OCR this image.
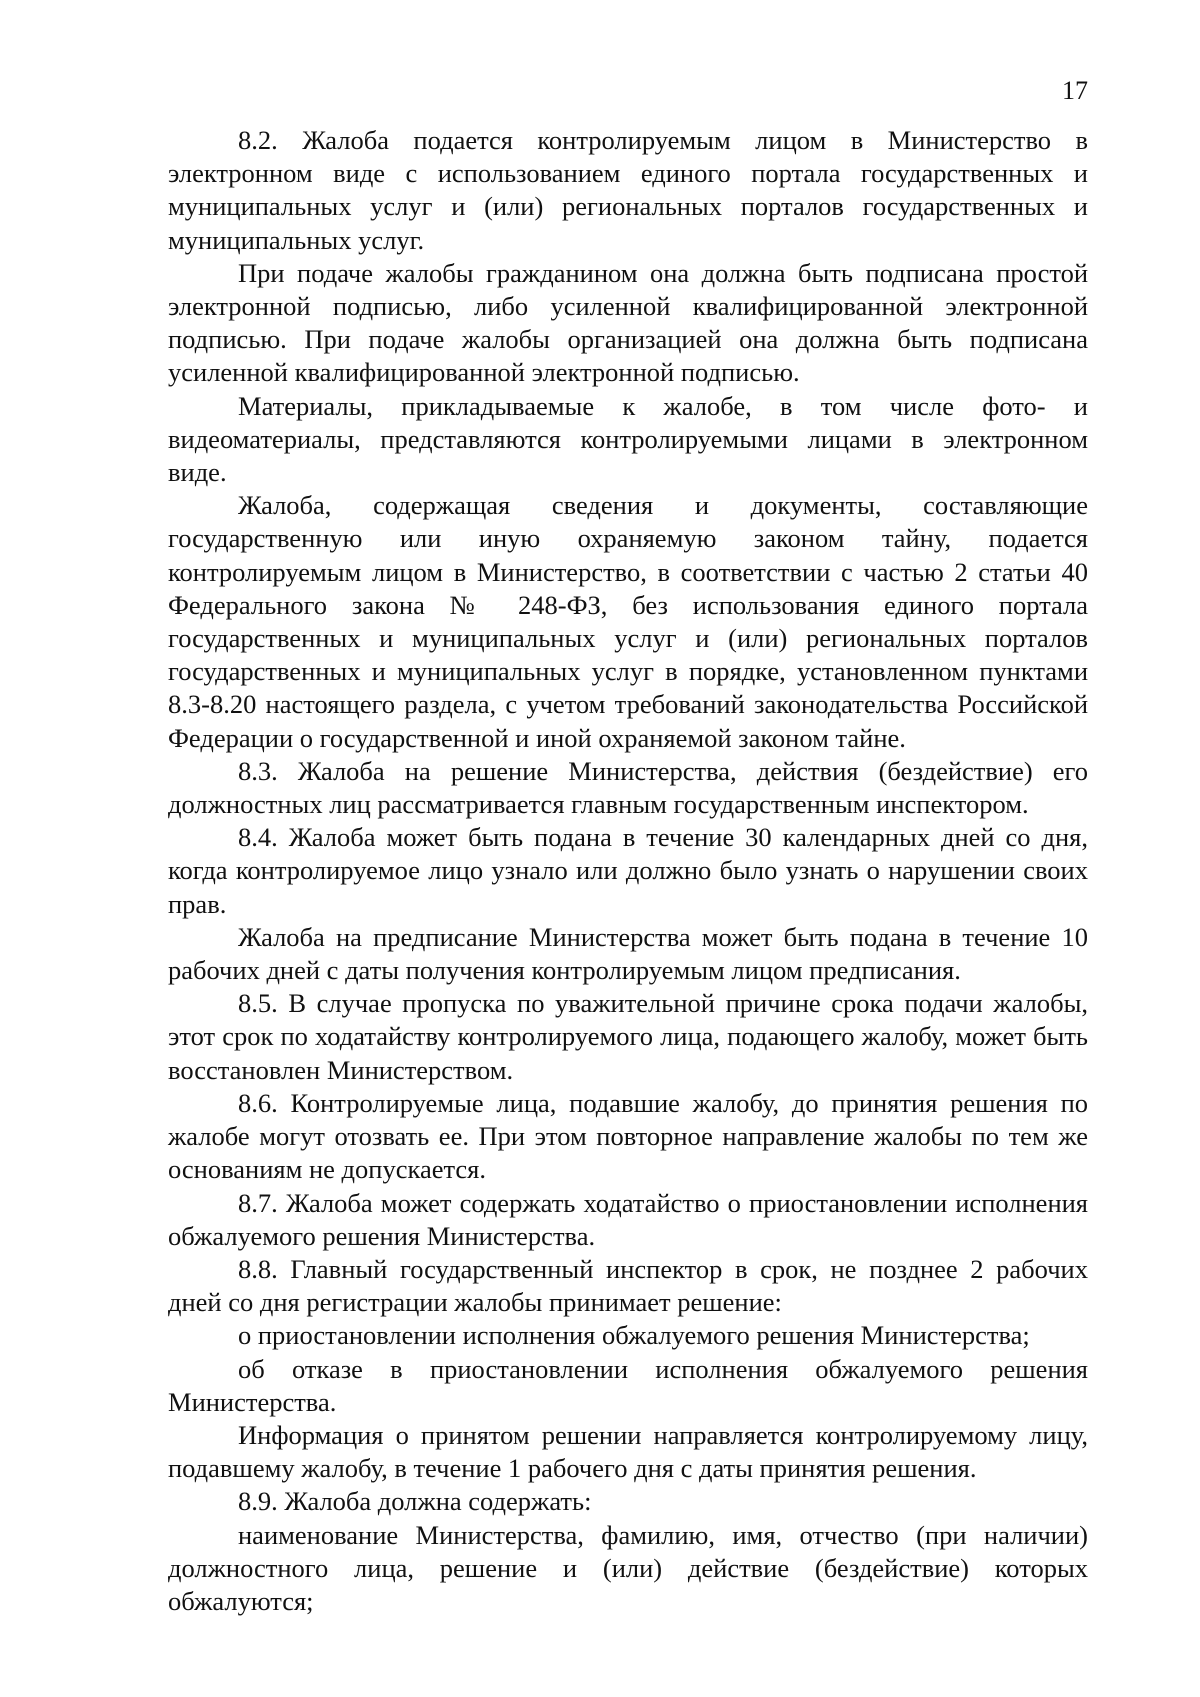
17

8.2. Жалоба подается контролируемым лицом в Министерство в электронном виде с использованием единого портала государственных и муниципальных услуг и (или) региональных порталов государственных и муниципальных услуг.

При подаче жалобы гражданином она должна быть подписана простой электронной подписью, либо усиленной квалифицированной электронной подписью. При подаче жалобы организацией она должна быть подписана усиленной квалифицированной электронной подписью.

Материалы, прикладываемые к жалобе, в том числе фото- и видеоматериалы, представляются контролируемыми лицами в электронном виде.

Жалоба, содержащая сведения и документы, составляющие государственную или иную охраняемую законом тайну, подается контролируемым лицом в Министерство, в соответствии с частью 2 статьи 40 Федерального закона № 248-ФЗ, без использования единого портала государственных и муниципальных услуг и (или) региональных порталов государственных и муниципальных услуг в порядке, установленном пунктами 8.3-8.20 настоящего раздела, с учетом требований законодательства Российской Федерации о государственной и иной охраняемой законом тайне.

8.3. Жалоба на решение Министерства, действия (бездействие) его должностных лиц рассматривается главным государственным инспектором.

8.4. Жалоба может быть подана в течение 30 календарных дней со дня, когда контролируемое лицо узнало или должно было узнать о нарушении своих прав.

Жалоба на предписание Министерства может быть подана в течение 10 рабочих дней с даты получения контролируемым лицом предписания.

8.5. В случае пропуска по уважительной причине срока подачи жалобы, этот срок по ходатайству контролируемого лица, подающего жалобу, может быть восстановлен Министерством.

8.6. Контролируемые лица, подавшие жалобу, до принятия решения по жалобе могут отозвать ее. При этом повторное направление жалобы по тем же основаниям не допускается.

8.7. Жалоба может содержать ходатайство о приостановлении исполнения обжалуемого решения Министерства.

8.8. Главный государственный инспектор в срок, не позднее 2 рабочих дней со дня регистрации жалобы принимает решение:

о приостановлении исполнения обжалуемого решения Министерства;

об отказе в приостановлении исполнения обжалуемого решения Министерства.

Информация о принятом решении направляется контролируемому лицу, подавшему жалобу, в течение 1 рабочего дня с даты принятия решения.

8.9. Жалоба должна содержать:

наименование Министерства, фамилию, имя, отчество (при наличии) должностного лица, решение и (или) действие (бездействие) которых обжалуются;
